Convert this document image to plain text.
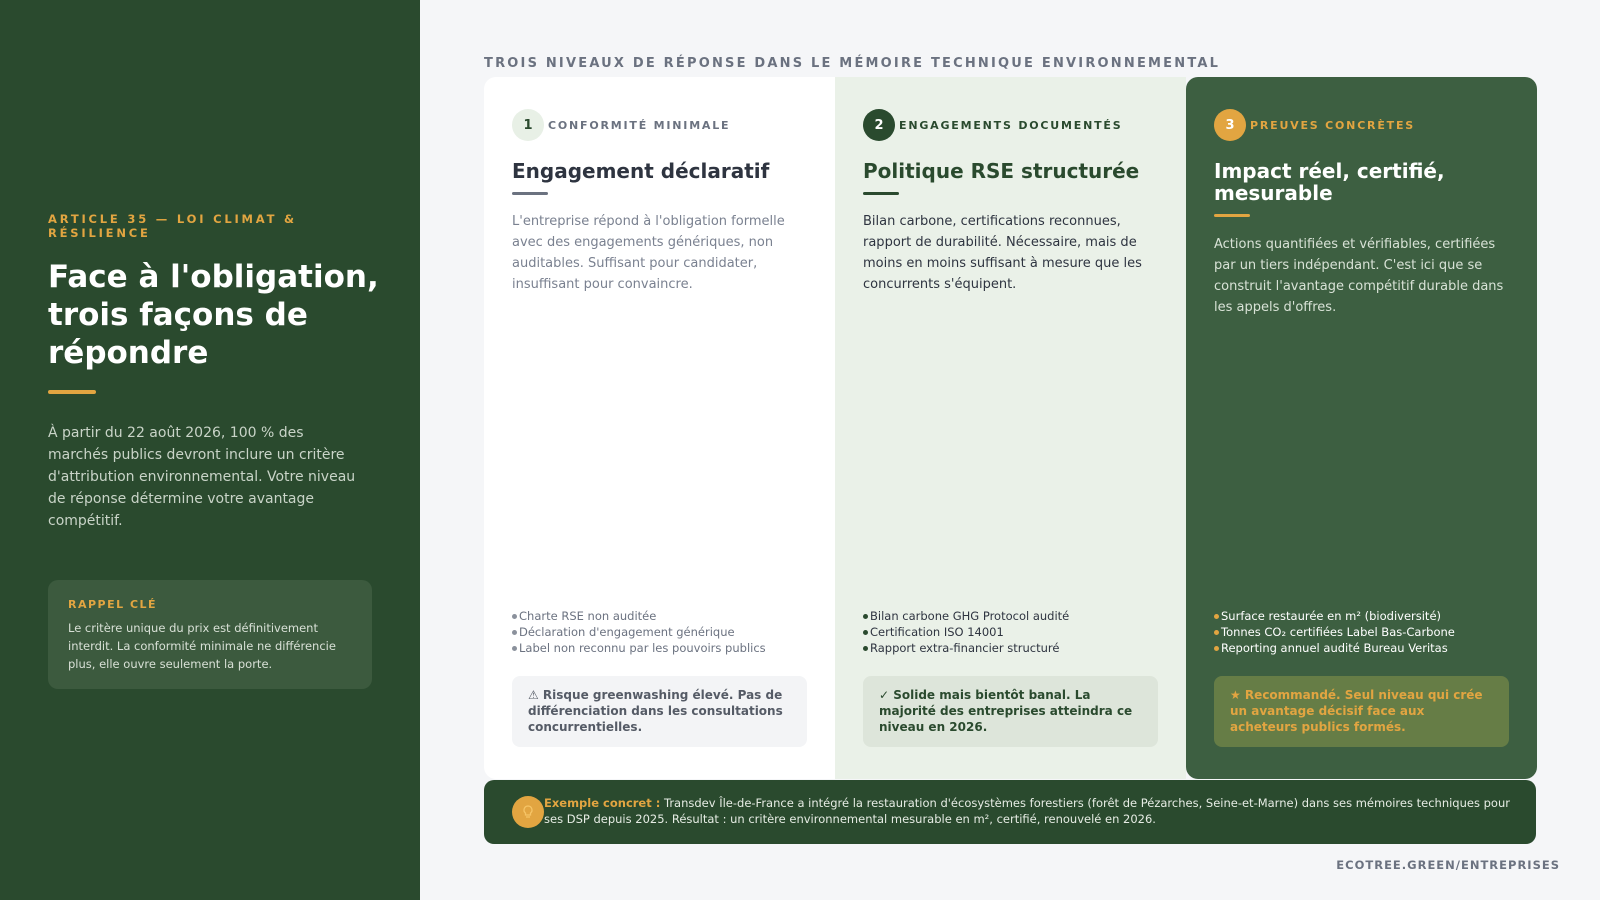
ARTICLE 35 — LOI CLIMAT & RÉSILIENCE
Face à l'obligation, trois façons de répondre

À partir du 22 août 2026, 100 % des marchés publics devront inclure un critère d'attribution environnemental. Votre niveau de réponse détermine votre avantage compétitif.

RAPPEL CLÉ
Le critère unique du prix est définitivement interdit. La conformité minimale ne différencie plus, elle ouvre seulement la porte.
TROIS NIVEAUX DE RÉPONSE DANS LE MÉMOIRE TECHNIQUE ENVIRONNEMENTAL
1	CONFORMITÉ MINIMALE
Engagement déclaratif

L'entreprise répond à l'obligation formelle avec des engagements génériques, non auditables. Suffisant pour candidater, insuffisant pour convaincre.

Charte RSE non auditée
Déclaration d'engagement générique
Label non reconnu par les pouvoirs publics
⚠ Risque greenwashing élevé. Pas de différenciation dans les consultations concurrentielles.
2	ENGAGEMENTS DOCUMENTÉS
Politique RSE structurée

Bilan carbone, certifications reconnues, rapport de durabilité. Nécessaire, mais de moins en moins suffisant à mesure que les concurrents s'équipent.

Bilan carbone GHG Protocol audité
Certification ISO 14001
Rapport extra-financier structuré
✓ Solide mais bientôt banal. La majorité des entreprises atteindra ce niveau en 2026.
3	PREUVES CONCRÈTES
Impact réel, certifié, mesurable

Actions quantifiées et vérifiables, certifiées par un tiers indépendant. C'est ici que se construit l'avantage compétitif durable dans les appels d'offres.

Surface restaurée en m² (biodiversité)
Tonnes CO₂ certifiées Label Bas-Carbone
Reporting annuel audité Bureau Veritas
★ Recommandé. Seul niveau qui crée un avantage décisif face aux acheteurs publics formés.

Exemple concret : Transdev Île-de-France a intégré la restauration d'écosystèmes forestiers (forêt de Pézarches, Seine-et-Marne) dans ses mémoires techniques pour ses DSP depuis 2025. Résultat : un critère environnemental mesurable en m², certifié, renouvelé en 2026.

ECOTREE.GREEN/ENTREPRISES
